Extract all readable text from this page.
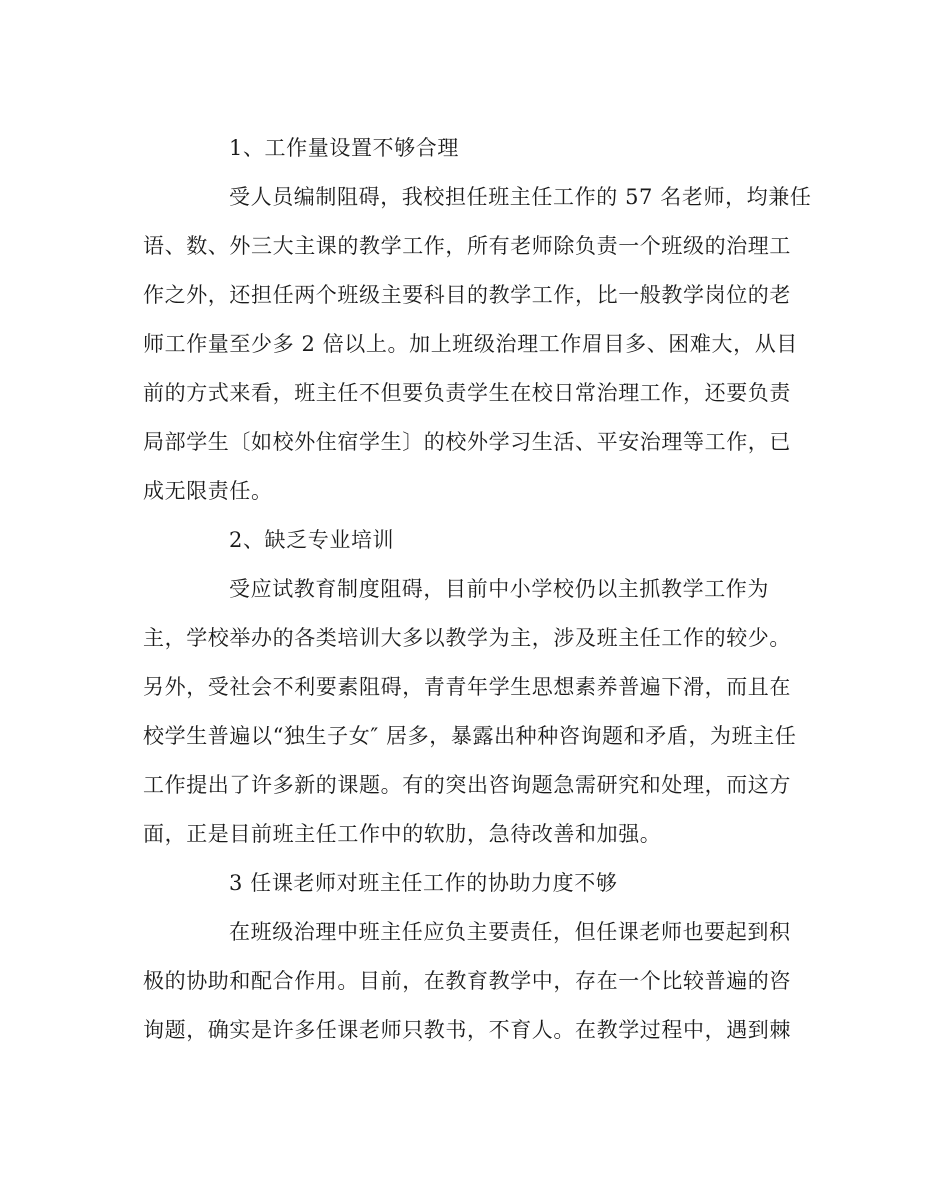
1、工作量设置不够合理
受人员编制阻碍，我校担任班主任工作的 57 名老师，均兼任
语、数、外三大主课的教学工作，所有老师除负责一个班级的治理工
作之外，还担任两个班级主要科目的教学工作，比一般教学岗位的老
师工作量至少多 2 倍以上。加上班级治理工作眉目多、困难大，从目
前的方式来看，班主任不但要负责学生在校日常治理工作，还要负责
局部学生〔如校外住宿学生〕的校外学习生活、平安治理等工作，已
成无限责任。
2、缺乏专业培训
受应试教育制度阻碍，目前中小学校仍以主抓教学工作为
主，学校举办的各类培训大多以教学为主，涉及班主任工作的较少。
另外，受社会不利要素阻碍，青青年学生思想素养普遍下滑，而且在
校学生普遍以“独生子女″ 居多，暴露出种种咨询题和矛盾，为班主任
工作提出了许多新的课题。有的突出咨询题急需研究和处理，而这方
面，正是目前班主任工作中的软肋，急待改善和加强。
3 任课老师对班主任工作的协助力度不够
在班级治理中班主任应负主要责任，但任课老师也要起到积
极的协助和配合作用。目前，在教育教学中，存在一个比较普遍的咨
询题，确实是许多任课老师只教书，不育人。在教学过程中，遇到棘
